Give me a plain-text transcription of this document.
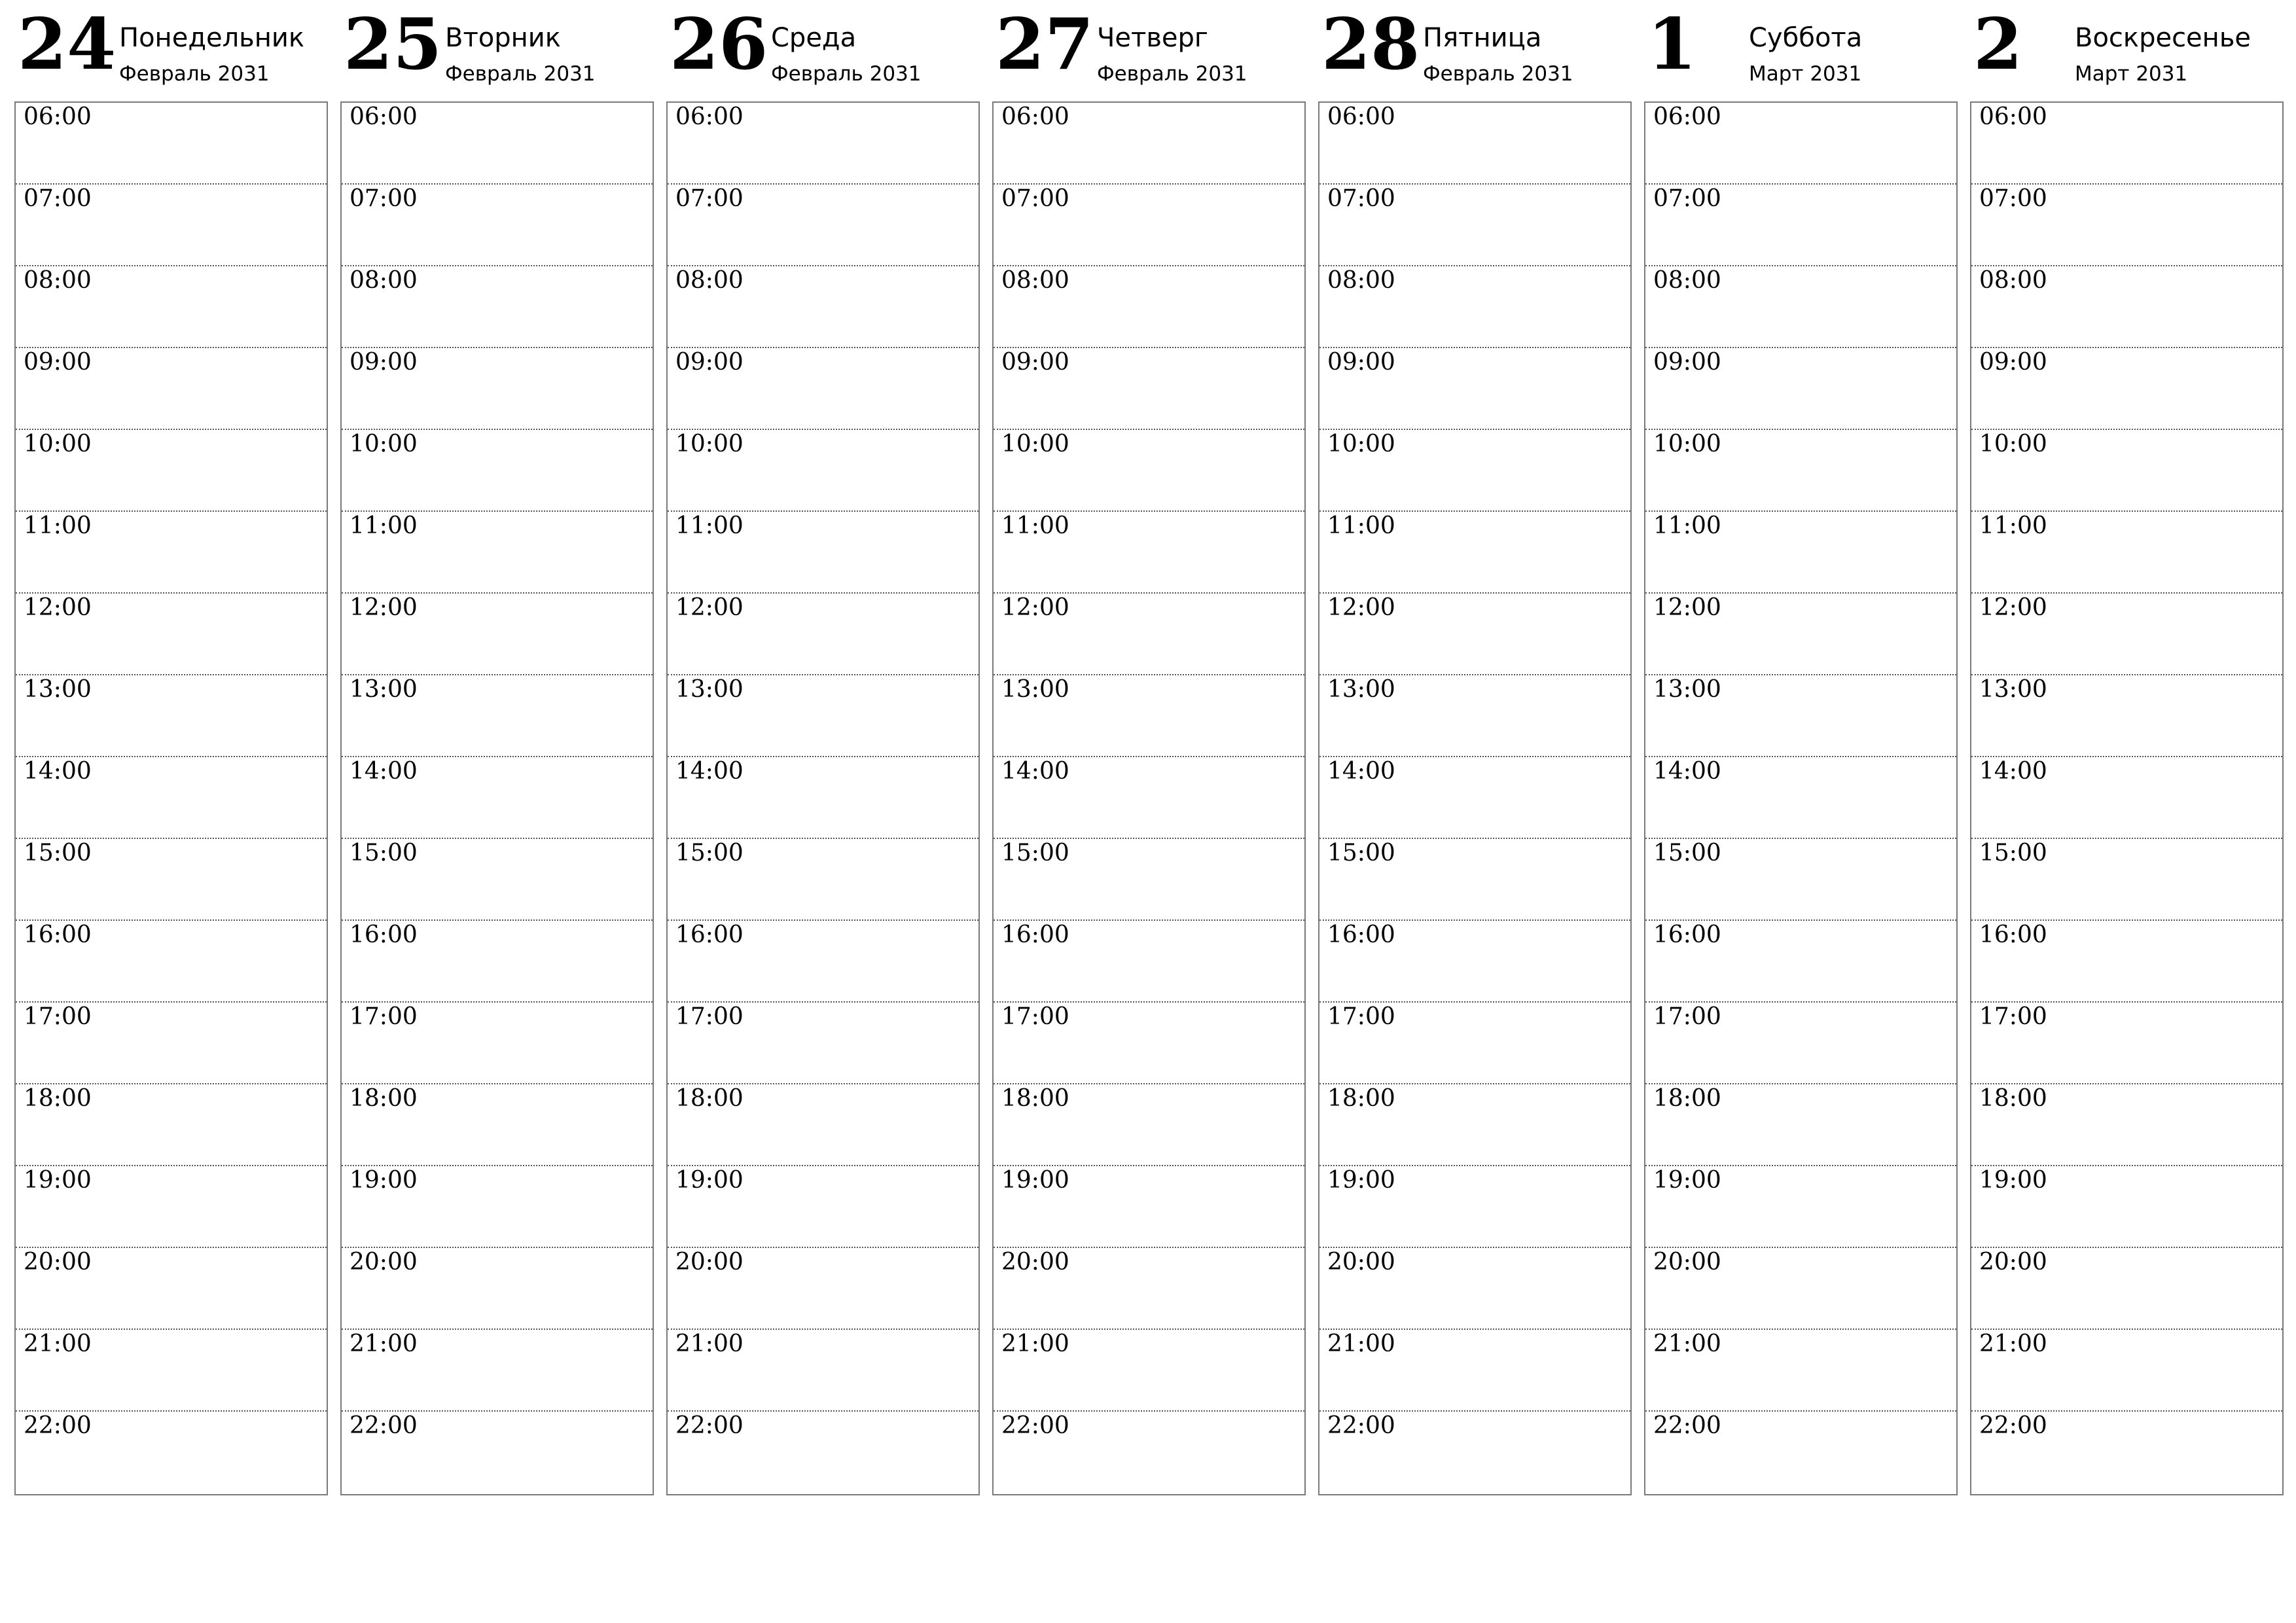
24 Понедельник
Февраль 2031
06:00
07:00
08:00
09:00
10:00
11:00
12:00
13:00
14:00
15:00
16:00
17:00
18:00
19:00
20:00
21:00
22:00
25 Вторник
Февраль 2031
06:00
07:00
08:00
09:00
10:00
11:00
12:00
13:00
14:00
15:00
16:00
17:00
18:00
19:00
20:00
21:00
22:00
26 Среда
Февраль 2031
06:00
07:00
08:00
09:00
10:00
11:00
12:00
13:00
14:00
15:00
16:00
17:00
18:00
19:00
20:00
21:00
22:00
27 Четверг
Февраль 2031
06:00
07:00
08:00
09:00
10:00
11:00
12:00
13:00
14:00
15:00
16:00
17:00
18:00
19:00
20:00
21:00
22:00
28 Пятница
Февраль 2031
06:00
07:00
08:00
09:00
10:00
11:00
12:00
13:00
14:00
15:00
16:00
17:00
18:00
19:00
20:00
21:00
22:00
1 Суббота
Март 2031
06:00
07:00
08:00
09:00
10:00
11:00
12:00
13:00
14:00
15:00
16:00
17:00
18:00
19:00
20:00
21:00
22:00
2 Воскресенье
Март 2031
06:00
07:00
08:00
09:00
10:00
11:00
12:00
13:00
14:00
15:00
16:00
17:00
18:00
19:00
20:00
21:00
22:00
